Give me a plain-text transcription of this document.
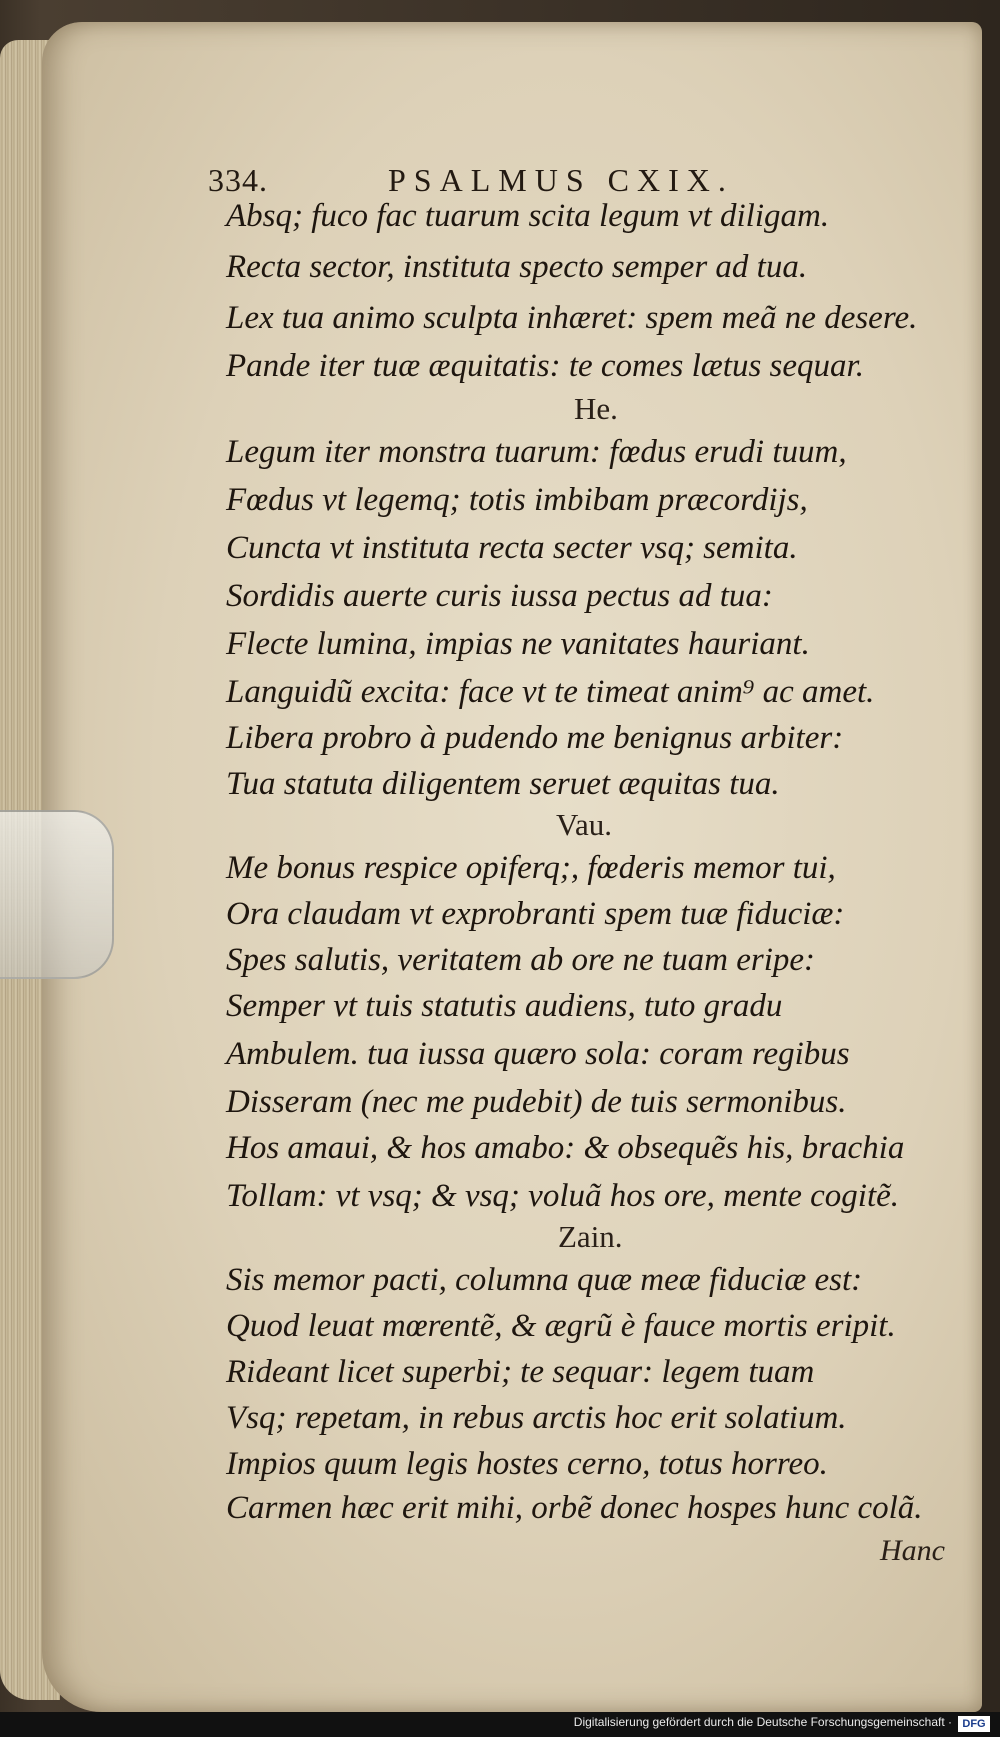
334.	PSALMUS CXIX.
Absq; fuco fac tuarum scita legum vt diligam.
Recta sector, instituta specto semper ad tua.
Lex tua animo sculpta inhæret: spem meã ne desere.
Pande iter tuæ æquitatis: te comes lætus sequar.
He.
Legum iter monstra tuarum: fœdus erudi tuum,
Fœdus vt legemq; totis imbibam præcordijs,
Cuncta vt instituta recta secter vsq; semita.
Sordidis auerte curis iussa pectus ad tua:
Flecte lumina, impias ne vanitates hauriant.
Languidũ excita: face vt te timeat anim⁹ ac amet.
Libera probro à pudendo me benignus arbiter:
Tua statuta diligentem seruet æquitas tua.
Vau.
Me bonus respice opiferq;, fœderis memor tui,
Ora claudam vt exprobranti spem tuæ fiduciæ:
Spes salutis, veritatem ab ore ne tuam eripe:
Semper vt tuis statutis audiens, tuto gradu
Ambulem. tua iussa quæro sola: coram regibus
Disseram (nec me pudebit) de tuis sermonibus.
Hos amaui, & hos amabo: & obsequẽs his, brachia
Tollam: vt vsq; & vsq; voluã hos ore, mente cogitẽ.
Zain.
Sis memor pacti, columna quæ meæ fiduciæ est:
Quod leuat mœrentẽ, & ægrũ è fauce mortis eripit.
Rideant licet superbi; te sequar: legem tuam
Vsq; repetam, in rebus arctis hoc erit solatium.
Impios quum legis hostes cerno, totus horreo.
Carmen hæc erit mihi, orbẽ donec hospes hunc colã.
Hanc
Digitalisierung gefördert durch die Deutsche Forschungsgemeinschaft · DFG
